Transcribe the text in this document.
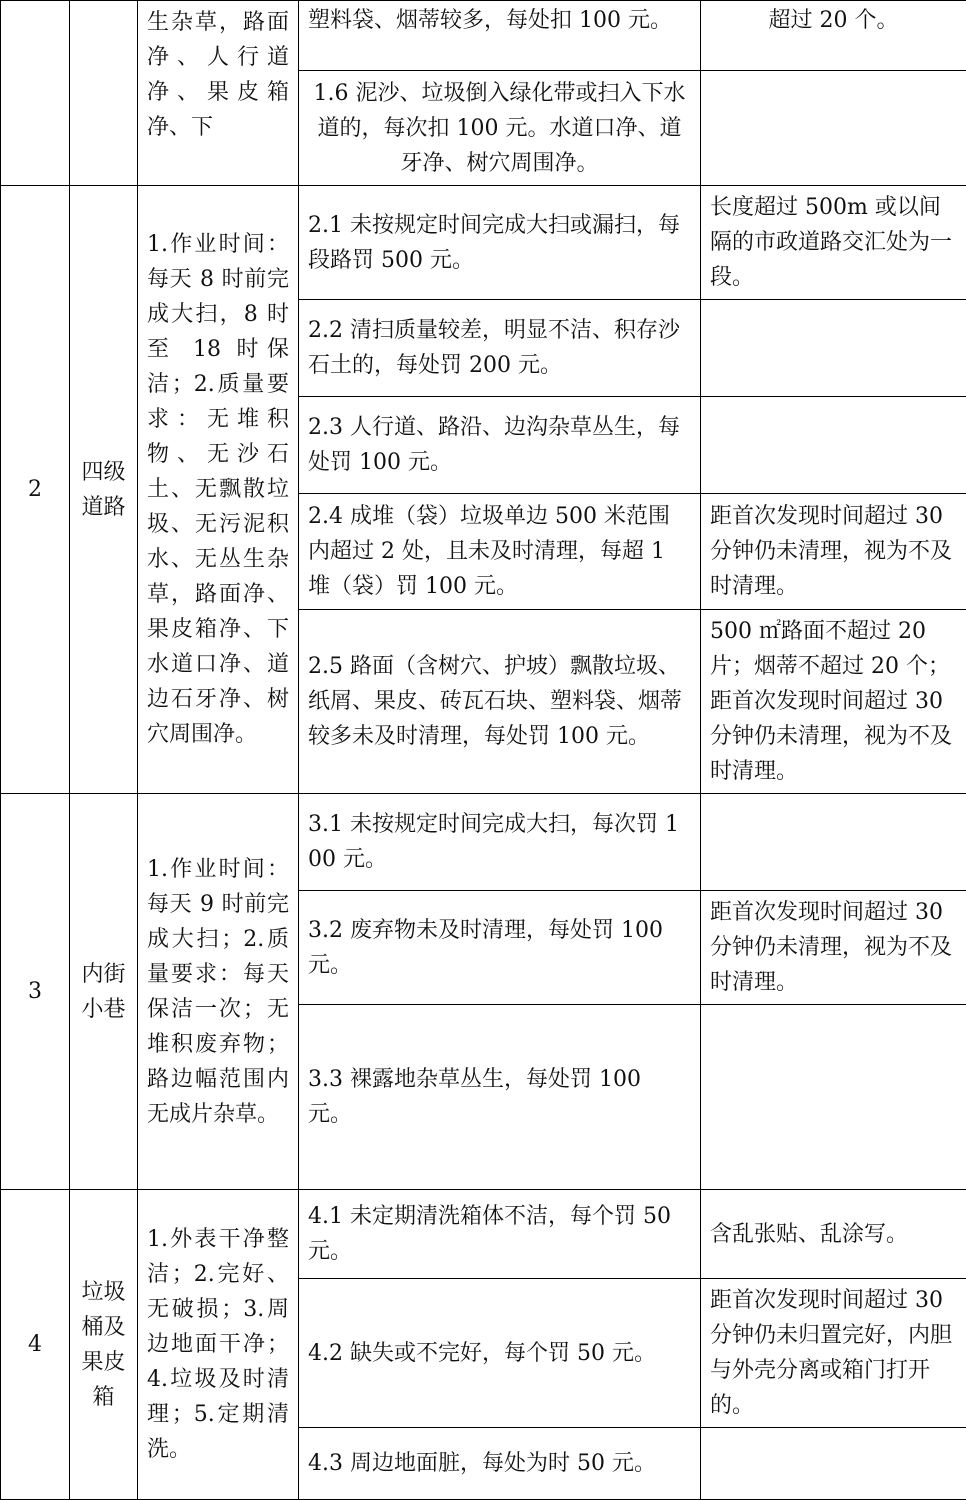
		生杂草，路面净、人行道净、果皮箱净、下	塑料袋、烟蒂较多，每处扣 100 元。	超过 20 个。
			1.6 泥沙、垃圾倒入绿化带或扫入下水道的，每次扣 100 元。水道口净、道牙净、树穴周围净。	
2	四级道路	1.作业时间：每天 8 时前完成大扫，8 时至 18 时保洁；2.质量要求：无堆积物、无沙石土、无飘散垃圾、无污泥积水、无丛生杂草，路面净、果皮箱净、下水道口净、道边石牙净、树穴周围净。	2.1 未按规定时间完成大扫或漏扫，每段路罚 500 元。	长度超过 500m 或以间隔的市政道路交汇处为一段。
			2.2 清扫质量较差，明显不洁、积存沙石土的，每处罚 200 元。	
			2.3 人行道、路沿、边沟杂草丛生，每处罚 100 元。	
			2.4 成堆（袋）垃圾单边 500 米范围内超过 2 处，且未及时清理，每超 1 堆（袋）罚 100 元。	距首次发现时间超过 30 分钟仍未清理，视为不及时清理。
			2.5 路面（含树穴、护坡）飘散垃圾、纸屑、果皮、砖瓦石块、塑料袋、烟蒂较多未及时清理，每处罚 100 元。	500 ㎡路面不超过 20 片；烟蒂不超过 20 个；距首次发现时间超过 30 分钟仍未清理，视为不及时清理。
3	内街小巷	1.作业时间：每天 9 时前完成大扫；2.质量要求：每天保洁一次；无堆积废弃物；路边幅范围内无成片杂草。	3.1 未按规定时间完成大扫，每次罚 100 元。	
			3.2 废弃物未及时清理，每处罚 100 元。	距首次发现时间超过 30 分钟仍未清理，视为不及时清理。
			3.3 裸露地杂草丛生，每处罚 100 元。	
4	垃圾桶及果皮箱	1.外表干净整洁；2.完好、无破损；3.周边地面干净；4.垃圾及时清理；5.定期清洗。	4.1 未定期清洗箱体不洁，每个罚 50 元。	含乱张贴、乱涂写。
			4.2 缺失或不完好，每个罚 50 元。	距首次发现时间超过 30 分钟仍未归置完好，内胆与外壳分离或箱门打开的。
			4.3 周边地面脏，每处为时 50 元。	
